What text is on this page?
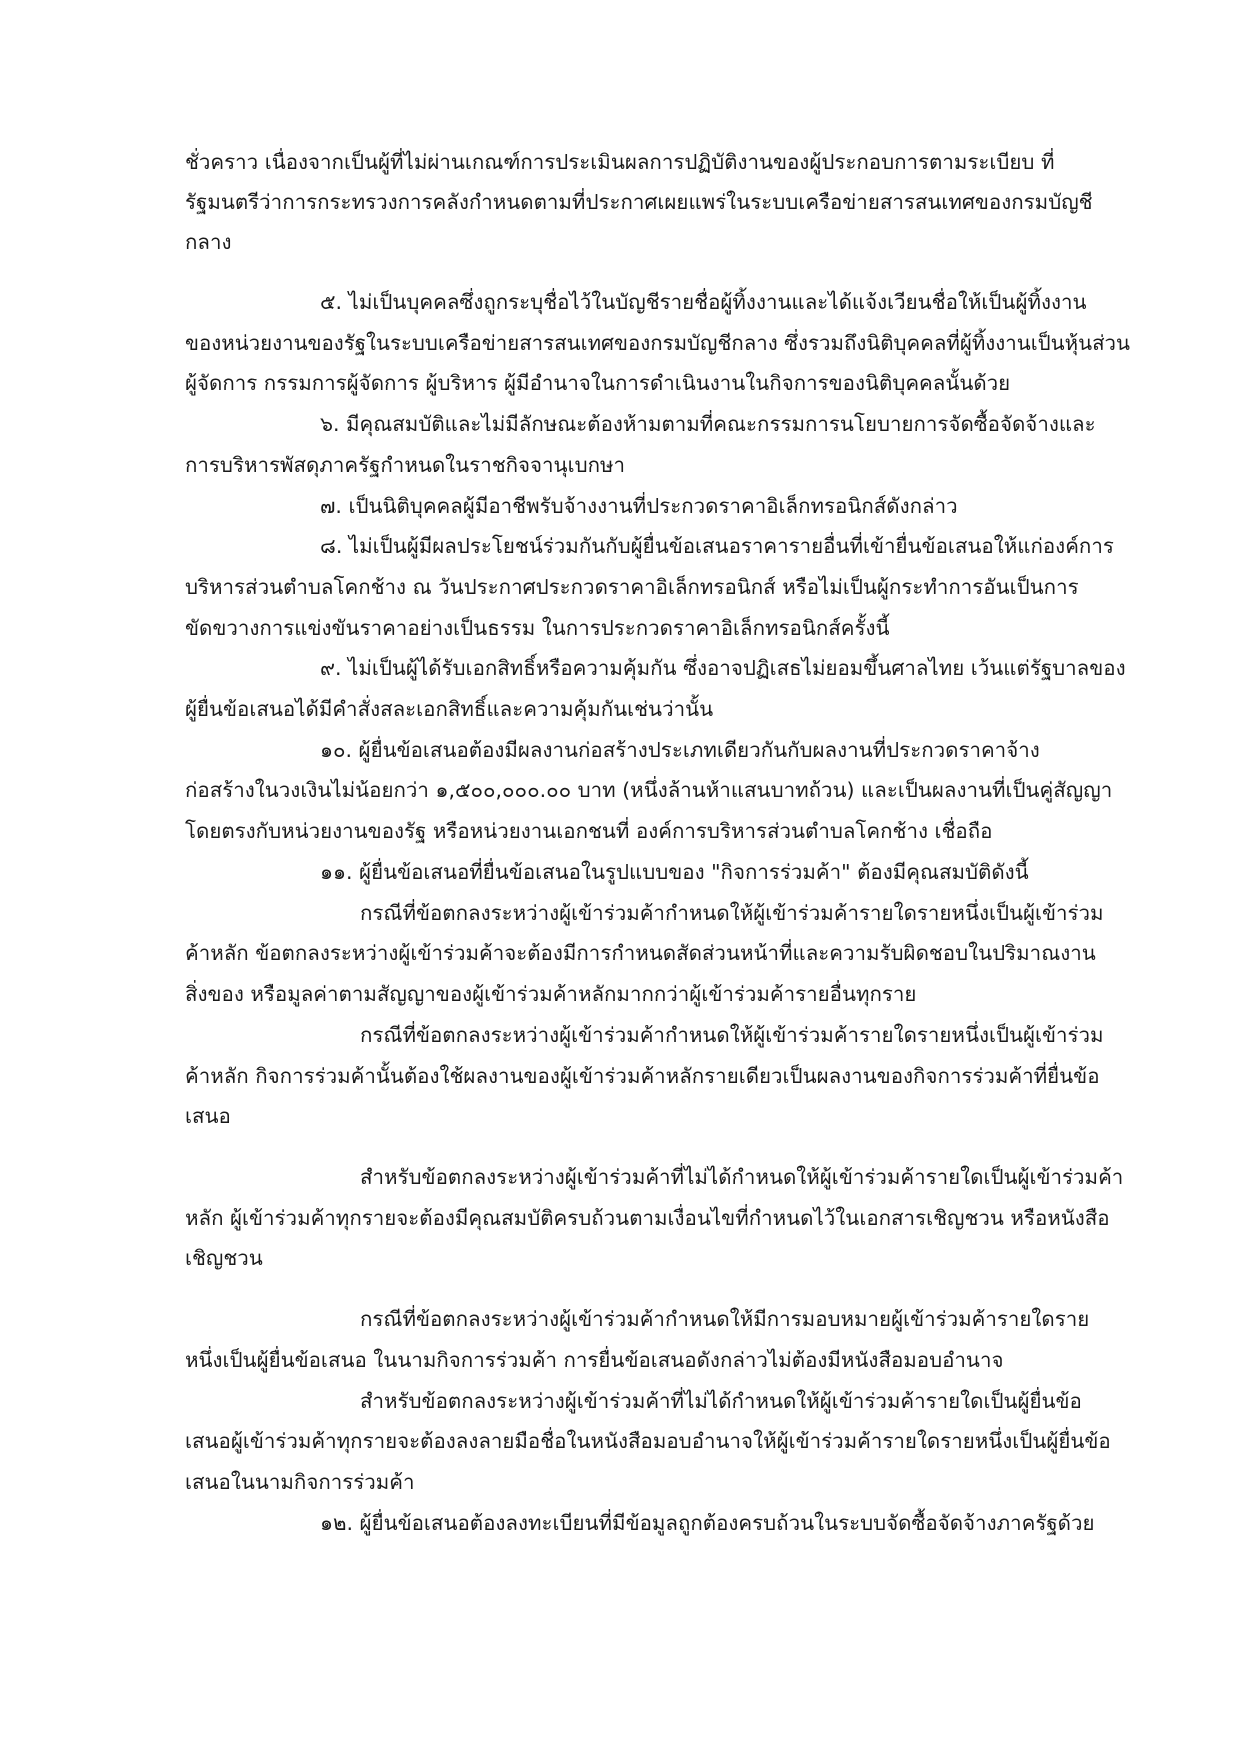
ชั่วคราว เนื่องจากเป็นผู้ที่ไม่ผ่านเกณฑ์การประเมินผลการปฏิบัติงานของผู้ประกอบการตามระเบียบ ที่
รัฐมนตรีว่าการกระทรวงการคลังกำหนดตามที่ประกาศเผยแพร่ในระบบเครือข่ายสารสนเทศของกรมบัญชี
กลาง
๕. ไม่เป็นบุคคลซึ่งถูกระบุชื่อไว้ในบัญชีรายชื่อผู้ทิ้งงานและได้แจ้งเวียนชื่อให้เป็นผู้ทิ้งงาน
ของหน่วยงานของรัฐในระบบเครือข่ายสารสนเทศของกรมบัญชีกลาง ซึ่งรวมถึงนิติบุคคลที่ผู้ทิ้งงานเป็นหุ้นส่วน
ผู้จัดการ กรรมการผู้จัดการ ผู้บริหาร ผู้มีอำนาจในการดำเนินงานในกิจการของนิติบุคคลนั้นด้วย
๖. มีคุณสมบัติและไม่มีลักษณะต้องห้ามตามที่คณะกรรมการนโยบายการจัดซื้อจัดจ้างและ
การบริหารพัสดุภาครัฐกำหนดในราชกิจจานุเบกษา
๗. เป็นนิติบุคคลผู้มีอาชีพรับจ้างงานที่ประกวดราคาอิเล็กทรอนิกส์ดังกล่าว
๘. ไม่เป็นผู้มีผลประโยชน์ร่วมกันกับผู้ยื่นข้อเสนอราคารายอื่นที่เข้ายื่นข้อเสนอให้แก่องค์การ
บริหารส่วนตำบลโคกช้าง ณ วันประกาศประกวดราคาอิเล็กทรอนิกส์ หรือไม่เป็นผู้กระทำการอันเป็นการ
ขัดขวางการแข่งขันราคาอย่างเป็นธรรม ในการประกวดราคาอิเล็กทรอนิกส์ครั้งนี้
๙. ไม่เป็นผู้ได้รับเอกสิทธิ์หรือความคุ้มกัน ซึ่งอาจปฏิเสธไม่ยอมขึ้นศาลไทย เว้นแต่รัฐบาลของ
ผู้ยื่นข้อเสนอได้มีคำสั่งสละเอกสิทธิ์และความคุ้มกันเช่นว่านั้น
๑๐. ผู้ยื่นข้อเสนอต้องมีผลงานก่อสร้างประเภทเดียวกันกับผลงานที่ประกวดราคาจ้าง
ก่อสร้างในวงเงินไม่น้อยกว่า ๑,๕๐๐,๐๐๐.๐๐ บาท (หนึ่งล้านห้าแสนบาทถ้วน) และเป็นผลงานที่เป็นคู่สัญญา
โดยตรงกับหน่วยงานของรัฐ หรือหน่วยงานเอกชนที่ องค์การบริหารส่วนตำบลโคกช้าง เชื่อถือ
๑๑. ผู้ยื่นข้อเสนอที่ยื่นข้อเสนอในรูปแบบของ "กิจการร่วมค้า" ต้องมีคุณสมบัติดังนี้
กรณีที่ข้อตกลงระหว่างผู้เข้าร่วมค้ากำหนดให้ผู้เข้าร่วมค้ารายใดรายหนึ่งเป็นผู้เข้าร่วม
ค้าหลัก ข้อตกลงระหว่างผู้เข้าร่วมค้าจะต้องมีการกำหนดสัดส่วนหน้าที่และความรับผิดชอบในปริมาณงาน
สิ่งของ หรือมูลค่าตามสัญญาของผู้เข้าร่วมค้าหลักมากกว่าผู้เข้าร่วมค้ารายอื่นทุกราย
กรณีที่ข้อตกลงระหว่างผู้เข้าร่วมค้ากำหนดให้ผู้เข้าร่วมค้ารายใดรายหนึ่งเป็นผู้เข้าร่วม
ค้าหลัก กิจการร่วมค้านั้นต้องใช้ผลงานของผู้เข้าร่วมค้าหลักรายเดียวเป็นผลงานของกิจการร่วมค้าที่ยื่นข้อ
เสนอ
สำหรับข้อตกลงระหว่างผู้เข้าร่วมค้าที่ไม่ได้กำหนดให้ผู้เข้าร่วมค้ารายใดเป็นผู้เข้าร่วมค้า
หลัก ผู้เข้าร่วมค้าทุกรายจะต้องมีคุณสมบัติครบถ้วนตามเงื่อนไขที่กำหนดไว้ในเอกสารเชิญชวน หรือหนังสือ
เชิญชวน
กรณีที่ข้อตกลงระหว่างผู้เข้าร่วมค้ากำหนดให้มีการมอบหมายผู้เข้าร่วมค้ารายใดราย
หนึ่งเป็นผู้ยื่นข้อเสนอ ในนามกิจการร่วมค้า การยื่นข้อเสนอดังกล่าวไม่ต้องมีหนังสือมอบอำนาจ
สำหรับข้อตกลงระหว่างผู้เข้าร่วมค้าที่ไม่ได้กำหนดให้ผู้เข้าร่วมค้ารายใดเป็นผู้ยื่นข้อ
เสนอผู้เข้าร่วมค้าทุกรายจะต้องลงลายมือชื่อในหนังสือมอบอำนาจให้ผู้เข้าร่วมค้ารายใดรายหนึ่งเป็นผู้ยื่นข้อ
เสนอในนามกิจการร่วมค้า
๑๒. ผู้ยื่นข้อเสนอต้องลงทะเบียนที่มีข้อมูลถูกต้องครบถ้วนในระบบจัดซื้อจัดจ้างภาครัฐด้วย
